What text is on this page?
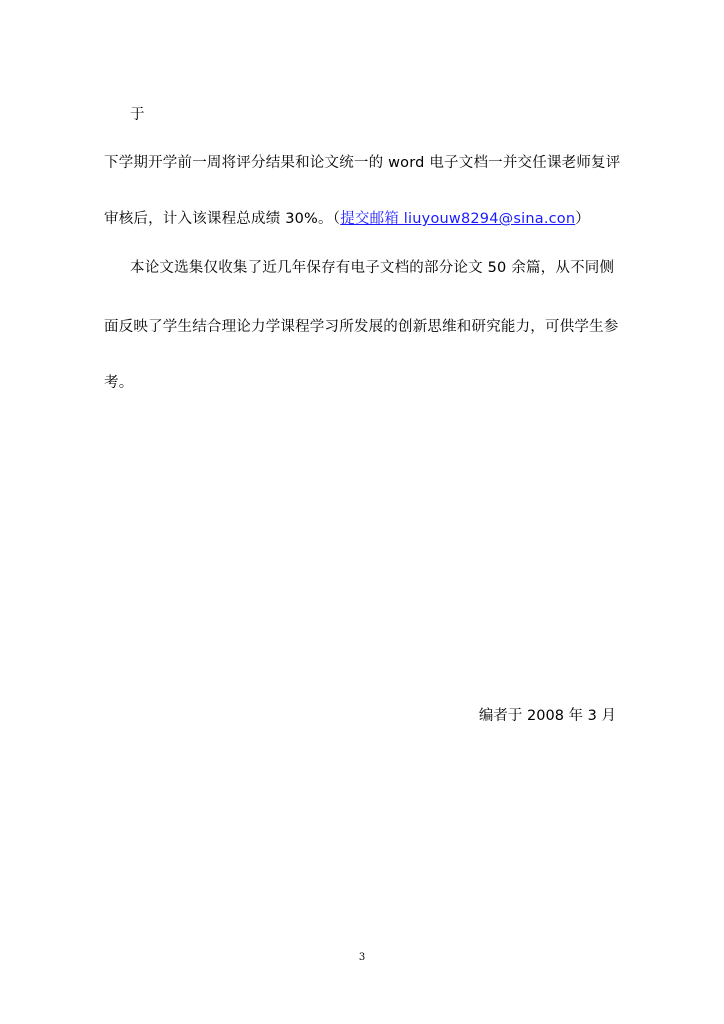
于
下学期开学前一周将评分结果和论文统一的 word 电子文档一并交任课老师复评
审核后，计入该课程总成绩 30%。（提交邮箱 liuyouw8294@sina.con）
本论文选集仅收集了近几年保存有电子文档的部分论文 50 余篇，从不同侧
面反映了学生结合理论力学课程学习所发展的创新思维和研究能力，可供学生参
考。
编者于 2008 年 3 月
3
